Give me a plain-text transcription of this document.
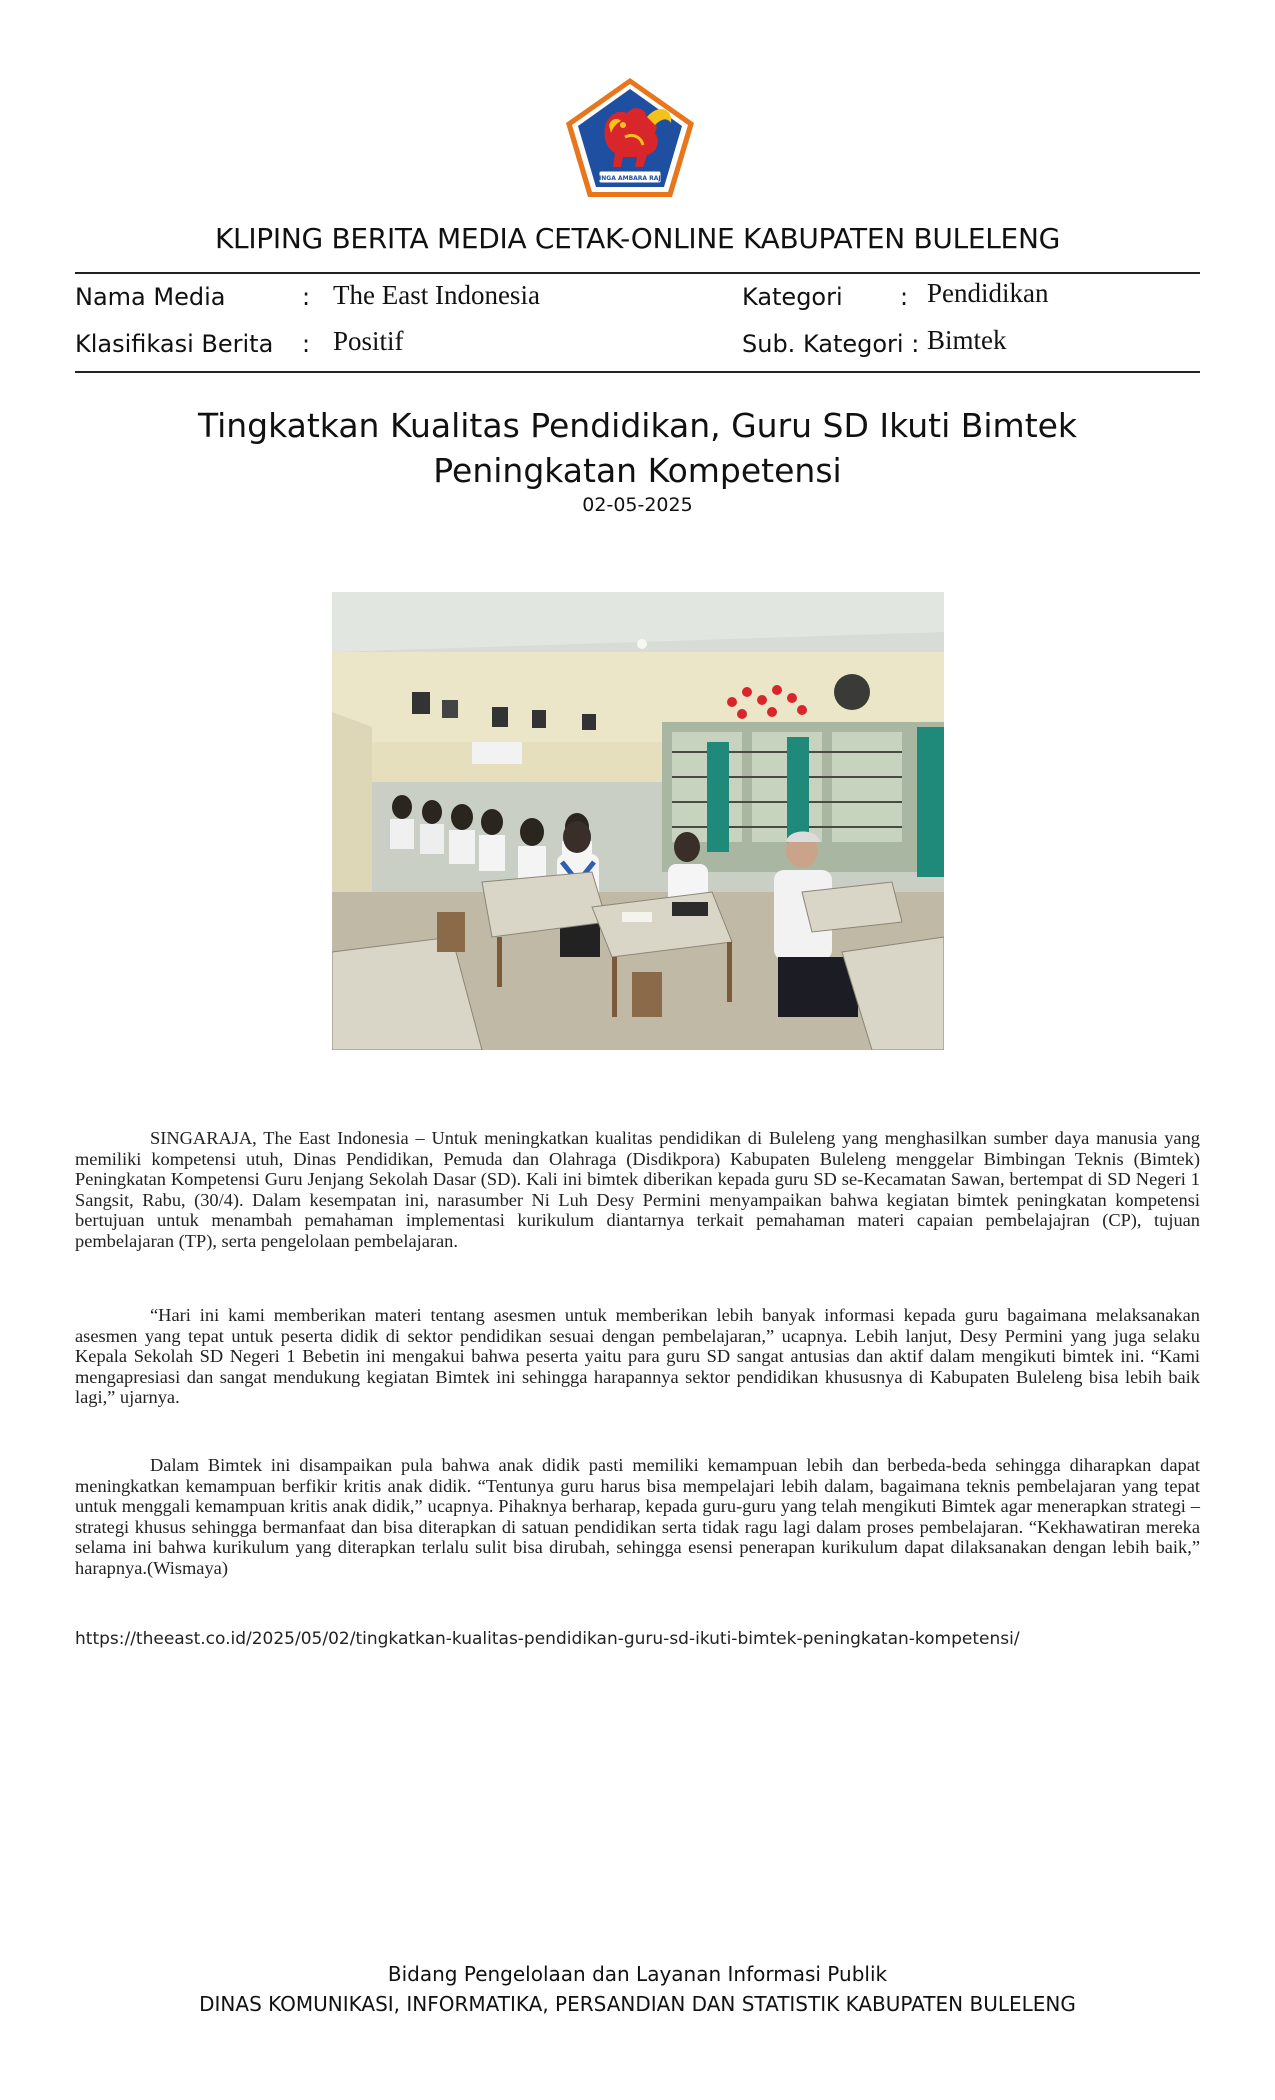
SINGA AMBARA RAJA
KLIPING BERITA MEDIA CETAK-ONLINE KABUPATEN BULELENG
Nama Media	: The East Indonesia	Kategori : Pendidikan
Klasifikasi Berita : Positif	Sub. Kategori : Bimtek
Tingkatkan Kualitas Pendidikan, Guru SD Ikuti Bimtek
Peningkatan Kompetensi
02-05-2025

SINGARAJA, The East Indonesia – Untuk meningkatkan kualitas pendidikan di Buleleng yang menghasilkan sumber daya manusia yang memiliki kompetensi utuh, Dinas Pendidikan, Pemuda dan Olahraga (Disdikpora) Kabupaten Buleleng menggelar Bimbingan Teknis (Bimtek) Peningkatan Kompetensi Guru Jenjang Sekolah Dasar (SD). Kali ini bimtek diberikan kepada guru SD se-Kecamatan Sawan, bertempat di SD Negeri 1 Sangsit, Rabu, (30/4). Dalam kesempatan ini, narasumber Ni Luh Desy Permini menyampaikan bahwa kegiatan bimtek peningkatan kompetensi bertujuan untuk menambah pemahaman implementasi kurikulum diantarnya terkait pemahaman materi capaian pembelajajran (CP), tujuan pembelajaran (TP), serta pengelolaan pembelajaran.

“Hari ini kami memberikan materi tentang asesmen untuk memberikan lebih banyak informasi kepada guru bagaimana melaksanakan asesmen yang tepat untuk peserta didik di sektor pendidikan sesuai dengan pembelajaran,” ucapnya. Lebih lanjut, Desy Permini yang juga selaku Kepala Sekolah SD Negeri 1 Bebetin ini mengakui bahwa peserta yaitu para guru SD sangat antusias dan aktif dalam mengikuti bimtek ini. “Kami mengapresiasi dan sangat mendukung kegiatan Bimtek ini sehingga harapannya sektor pendidikan khususnya di Kabupaten Buleleng bisa lebih baik lagi,” ujarnya.

Dalam Bimtek ini disampaikan pula bahwa anak didik pasti memiliki kemampuan lebih dan berbeda-beda sehingga diharapkan dapat meningkatkan kemampuan berfikir kritis anak didik. “Tentunya guru harus bisa mempelajari lebih dalam, bagaimana teknis pembelajaran yang tepat untuk menggali kemampuan kritis anak didik,” ucapnya. Pihaknya berharap, kepada guru-guru yang telah mengikuti Bimtek agar menerapkan strategi – strategi khusus sehingga bermanfaat dan bisa diterapkan di satuan pendidikan serta tidak ragu lagi dalam proses pembelajaran. “Kekhawatiran mereka selama ini bahwa kurikulum yang diterapkan terlalu sulit bisa dirubah, sehingga esensi penerapan kurikulum dapat dilaksanakan dengan lebih baik,” harapnya.(Wismaya)

https://theeast.co.id/2025/05/02/tingkatkan-kualitas-pendidikan-guru-sd-ikuti-bimtek-peningkatan-kompetensi/
Bidang Pengelolaan dan Layanan Informasi Publik
DINAS KOMUNIKASI, INFORMATIKA, PERSANDIAN DAN STATISTIK KABUPATEN BULELENG
